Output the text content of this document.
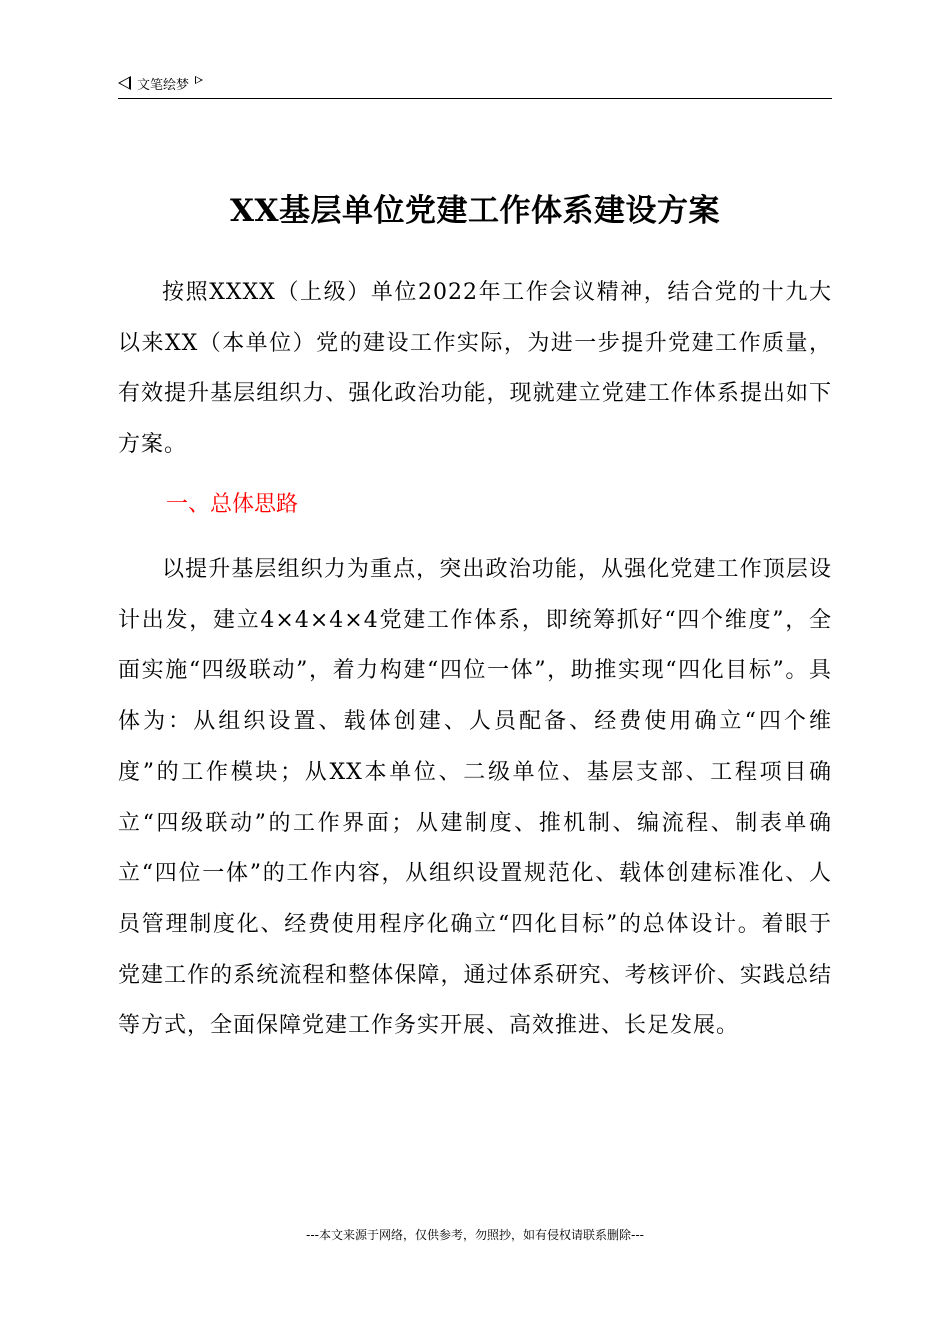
文笔绘梦
XX基层单位党建工作体系建设方案

按照XXXX（上级）单位2022年工作会议精神，结合党的十九大以来XX（本单位）党的建设工作实际，为进一步提升党建工作质量，有效提升基层组织力、强化政治功能，现就建立党建工作体系提出如下方案。

一、总体思路

以提升基层组织力为重点，突出政治功能，从强化党建工作顶层设计出发，建立4×4×4×4党建工作体系，即统筹抓好“四个维度”，全面实施“四级联动”，着力构建“四位一体”，助推实现“四化目标”。具体为：从组织设置、载体创建、人员配备、经费使用确立“四个维度”的工作模块；从XX本单位、二级单位、基层支部、工程项目确立“四级联动”的工作界面；从建制度、推机制、编流程、制表单确立“四位一体”的工作内容，从组织设置规范化、载体创建标准化、人员管理制度化、经费使用程序化确立“四化目标”的总体设计。着眼于党建工作的系统流程和整体保障，通过体系研究、考核评价、实践总结等方式，全面保障党建工作务实开展、高效推进、长足发展。

---本文来源于网络，仅供参考，勿照抄，如有侵权请联系删除---
